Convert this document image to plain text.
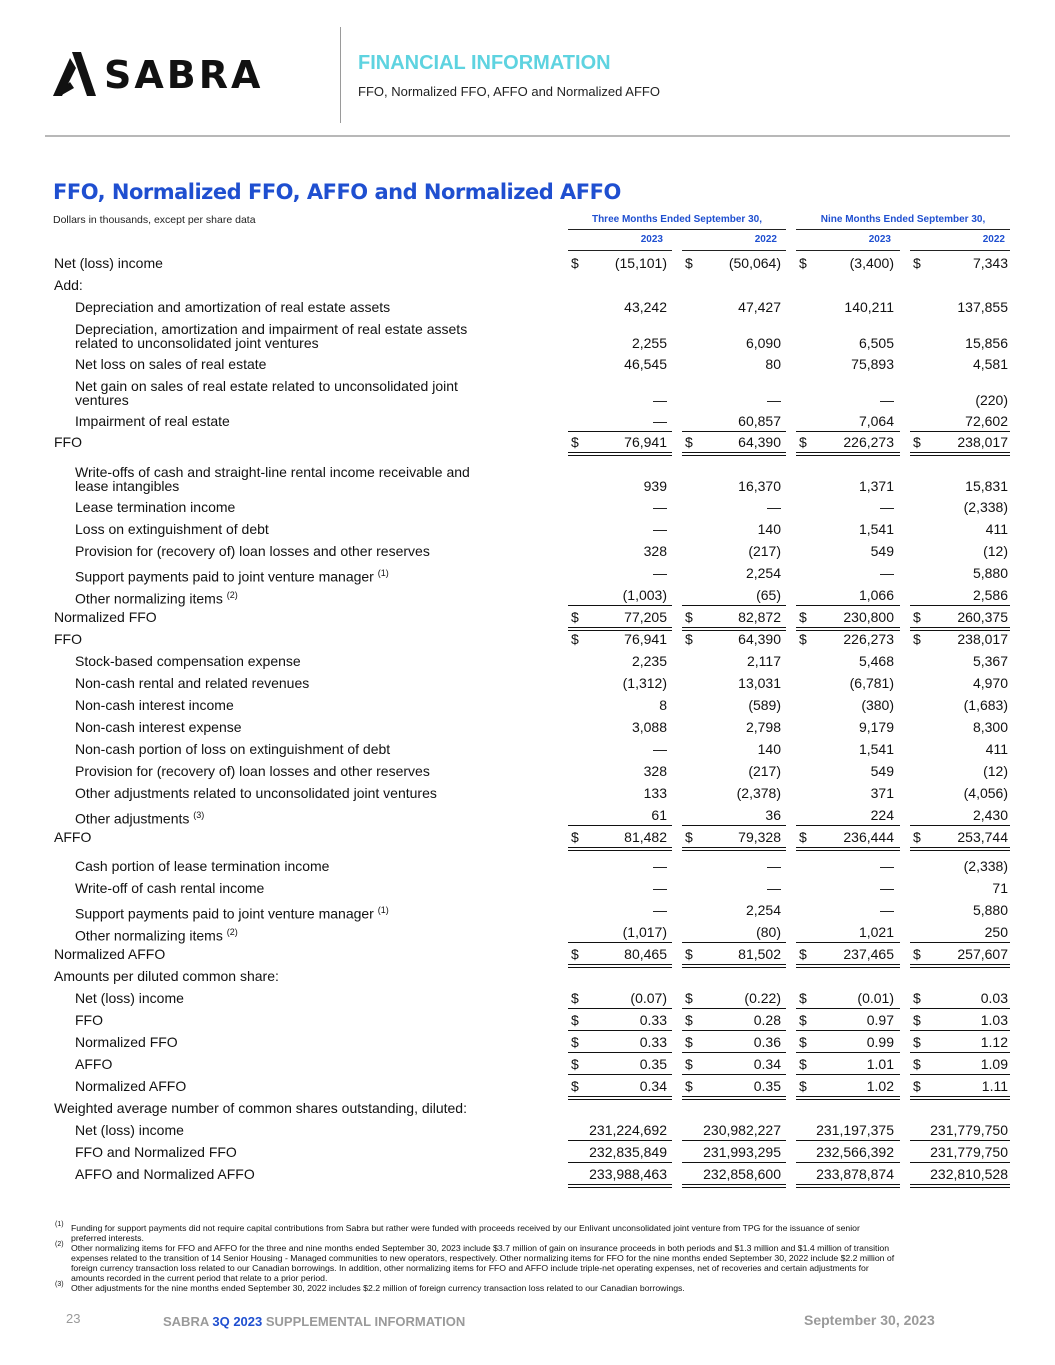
SABRA	FINANCIAL INFORMATION
FFO, Normalized FFO, AFFO and Normalized AFFO
FFO, Normalized FFO, AFFO and Normalized AFFO
Dollars in thousands, except per share data	Three Months Ended September 30,	Nine Months Ended September 30,
2023	2022	2023	2022
Net (loss) income	$	(15,101) $	(50,064) $	(3,400) $	7,343
Add:
Depreciation and amortization of real estate assets	43,242	47,427	140,211	137,855
Depreciation, amortization and impairment of real estate assets
related to unconsolidated joint ventures	2,255	6,090	6,505	15,856
Net loss on sales of real estate	46,545	80	75,893	4,581
Net gain on sales of real estate related to unconsolidated joint
ventures	—	—	—	(220)
Impairment of real estate	—	60,857	7,064	72,602
FFO	$	76,941 $	64,390 $	226,273 $	238,017
Write-offs of cash and straight-line rental income receivable and
lease intangibles	939	16,370	1,371	15,831
Lease termination income	—	—	—	(2,338)
Loss on extinguishment of debt	—	140	1,541	411
Provision for (recovery of) loan losses and other reserves	328	(217)	549	(12)
Support payments paid to joint venture manager $^{(1)}$	—	2,254	—	5,880
Other normalizing items $^{(2)}$	(1,003)	(65)	1,066	2,586
Normalized FFO	$	77,205 $	82,872 $	230,800 $	260,375
FFO	$	76,941 $	64,390 $	226,273 $	238,017
Stock-based compensation expense	2,235	2,117	5,468	5,367
Non-cash rental and related revenues	(1,312)	13,031	(6,781)	4,970
Non-cash interest income	8	(589)	(380)	(1,683)
Non-cash interest expense	3,088	2,798	9,179	8,300
Non-cash portion of loss on extinguishment of debt	—	140	1,541	411
Provision for (recovery of) loan losses and other reserves	328	(217)	549	(12)
Other adjustments related to unconsolidated joint ventures	133	(2,378)	371	(4,056)
Other adjustments $^{(3)}$	61	36	224	2,430
AFFO	$	81,482 $	79,328 $	236,444 $	253,744
Cash portion of lease termination income	—	—	—	(2,338)
Write-off of cash rental income	—	—	—	71
Support payments paid to joint venture manager $^{(1)}$	—	2,254	—	5,880
Other normalizing items $^{(2)}$	(1,017)	(80)	1,021	250
Normalized AFFO	$	80,465 $	81,502 $	237,465 $	257,607
Amounts per diluted common share:
Net (loss) income	$	(0.07) $	(0.22) $	(0.01) $	0.03
FFO	$	0.33 $	0.28 $	0.97 $	1.03
Normalized FFO	$	0.33 $	0.36 $	0.99 $	1.12
AFFO	$	0.35 $	0.34 $	1.01 $	1.09
Normalized AFFO	$	0.34 $	0.35 $	1.02 $	1.11
Weighted average number of common shares outstanding, diluted:
Net (loss) income	231,224,692	230,982,227	231,197,375	231,779,750
FFO and Normalized FFO	232,835,849	231,993,295	232,566,392	231,779,750
AFFO and Normalized AFFO	233,988,463	232,858,600	233,878,874	232,810,528
(1) Funding for support payments did not require capital contributions from Sabra but rather were funded with proceeds received by our Enlivant unconsolidated joint venture from TPG for the issuance of senior
preferred interests.
(2) Other normalizing items for FFO and AFFO for the three and nine months ended September 30, 2023 include $3.7 million of gain on insurance proceeds in both periods and $1.3 million and $1.4 million of transition
expenses related to the transition of 14 Senior Housing - Managed communities to new operators, respectively. Other normalizing items for FFO for the nine months ended September 30, 2022 include $2.2 million of
foreign currency transaction loss related to our Canadian borrowings. In addition, other normalizing items for FFO and AFFO include triple-net operating expenses, net of recoveries and certain adjustments for
amounts recorded in the current period that relate to a prior period.
(3) Other adjustments for the nine months ended September 30, 2022 includes $2.2 million of foreign currency transaction loss related to our Canadian borrowings.
23	SABRA 3Q 2023 SUPPLEMENTAL INFORMATION	September 30, 2023
